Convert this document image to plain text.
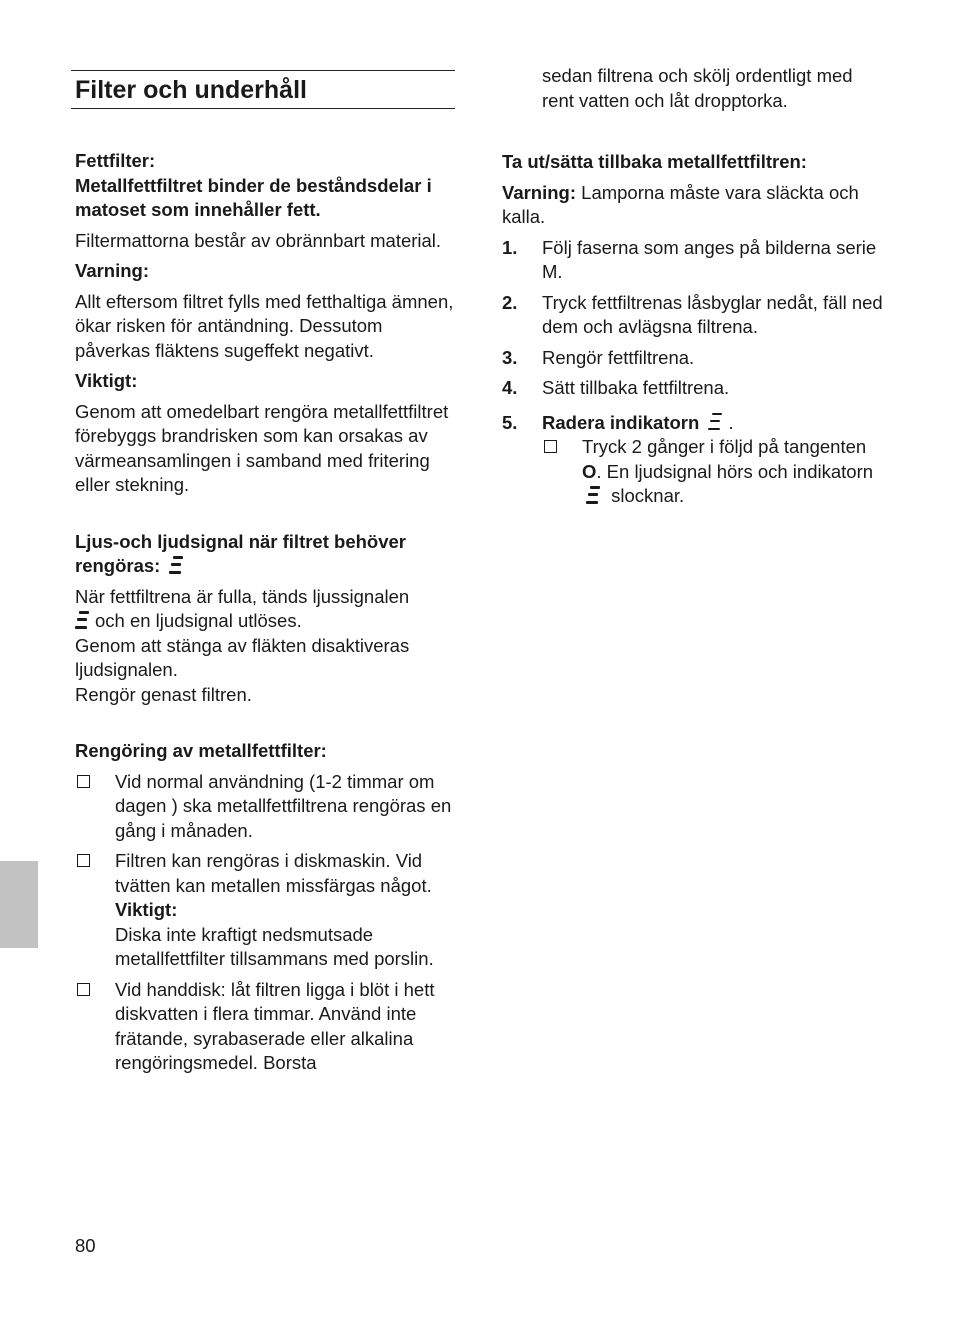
Filter och underhåll

Fettfilter:

Metallfettfiltret binder de beståndsdelar i matoset som innehåller fett.

Filtermattorna består av obrännbart material.

Varning:

Allt eftersom filtret fylls med fetthaltiga ämnen, ökar risken för antändning. Dessutom påverkas fläktens sugeffekt negativt.

Viktigt:

Genom att omedelbart rengöra metallfettfiltret förebyggs brandrisken som kan orsakas av värmeansamlingen i samband med fritering eller stekning.

Ljus-och ljudsignal när filtret behöver
rengöras:

När fettfiltrena är fulla, tänds ljussignalen

och en ljudsignal utlöses.

Genom att stänga av fläkten disaktiveras ljudsignalen.

Rengör genast filtren.

Rengöring av metallfettfilter:

Vid normal användning (1-2 timmar om dagen ) ska metallfettfiltrena rengöras en gång i månaden.
Filtren kan rengöras i diskmaskin. Vid tvätten kan metallen missfärgas något.
Viktigt:
Diska inte kraftigt nedsmutsade metallfettfilter tillsammans med porslin.
Vid handdisk: låt filtren ligga i blöt i hett diskvatten i flera timmar. Använd inte frätande, syrabaserade eller alkalina rengöringsmedel. Borsta

sedan filtrena och skölj ordentligt med rent vatten och låt dropptorka.

Ta ut/sätta tillbaka metallfettfiltren:

Varning: Lamporna måste vara släckta och kalla.

1. Följ faserna som anges på bilderna serie M.
2. Tryck fettfiltrenas låsbyglar nedåt, fäll ned dem och avlägsna filtrena.
3. Rengör fettfiltrena.
4. Sätt tillbaka fettfiltrena.
5. Radera indikatorn .
Tryck 2 gånger i följd på tangenten O. En ljudsignal hörs och indikatorn
slocknar.
80
